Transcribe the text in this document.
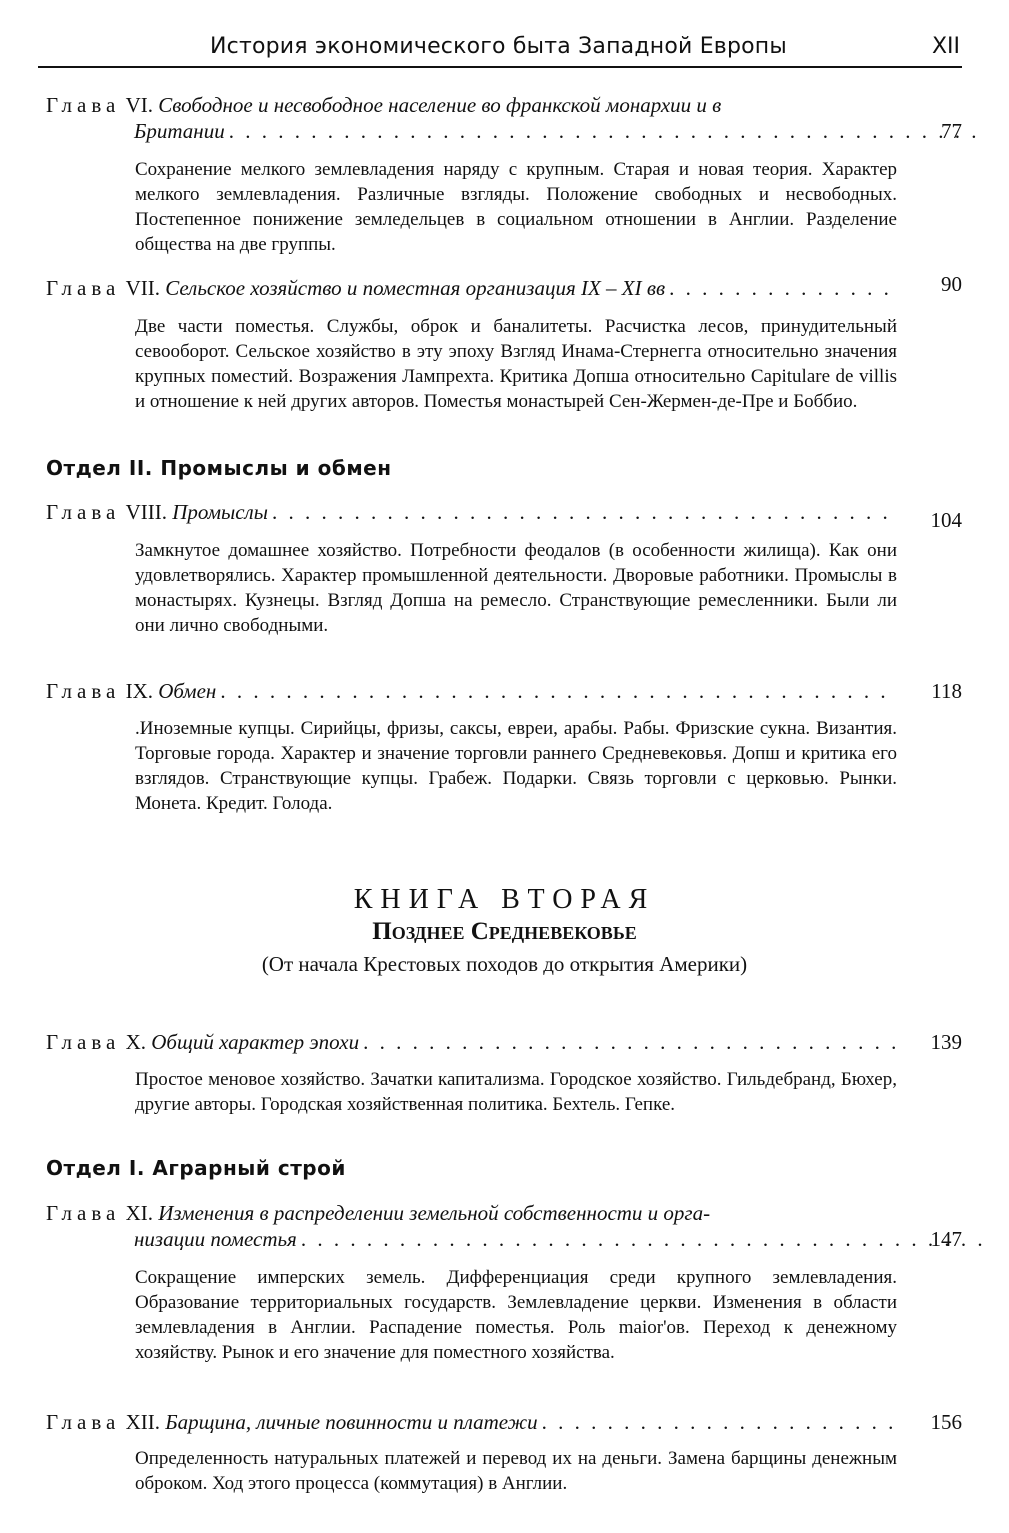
История экономического быта Западной Европы	XII
Глава VI. Свободное и несвободное население во франкской монархии и в
Британии . . .	77
Сохранение мелкого землевладения наряду с крупным. Старая и новая теория. Характер мелкого землевладения. Различные взгляды. Положение свободных и несвободных. Постепенное понижение земледельцев в социальном отношении в Англии. Разделение общества на две группы.
Глава VII. Сельское хозяйство и поместная организация IX – XI вв . . .	90
Две части поместья. Службы, оброк и баналитеты. Расчистка лесов, принудительный севооборот. Сельское хозяйство в эту эпоху Взгляд Инама-Стернегга относительно значения крупных поместий. Возражения Лампрехта. Критика Допша относительно Capitulare de villis и отношение к ней других авторов. Поместья монастырей Сен-Жермен-де-Пре и Боббио.
Отдел II. Промыслы и обмен
Глава VIII. Промыслы . . .	104
Замкнутое домашнее хозяйство. Потребности феодалов (в особенности жилища). Как они удовлетворялись. Характер промышленной деятельности. Дворовые работники. Промыслы в монастырях. Кузнецы. Взгляд Допша на ремесло. Странствующие ремесленники. Были ли они лично свободными.
Глава IX. Обмен . . .	118
.Иноземные купцы. Сирийцы, фризы, саксы, евреи, арабы. Рабы. Фризские сукна. Византия. Торговые города. Характер и значение торговли раннего Средневековья. Допш и критика его взглядов. Странствующие купцы. Грабеж. Подарки. Связь торговли с церковью. Рынки. Монета. Кредит. Голода.
КНИГА ВТОРАЯ
Позднее Средневековье
(От начала Крестовых походов до открытия Америки)
Глава X. Общий характер эпохи . . .	139
Простое меновое хозяйство. Зачатки капитализма. Городское хозяйство. Гильдебранд, Бюхер, другие авторы. Городская хозяйственная политика. Бехтель. Гепке.
Отдел I. Аграрный строй
Глава XI. Изменения в распределении земельной собственности и орга-
низации поместья . . .	147
Сокращение имперских земель. Дифференциация среди крупного землевладения. Образование территориальных государств. Землевладение церкви. Изменения в области землевладения в Англии. Распадение поместья. Роль maior'ов. Переход к денежному хозяйству. Рынок и его значение для поместного хозяйства.
Глава XII. Барщина, личные повинности и платежи . . .	156
Определенность натуральных платежей и перевод их на деньги. Замена барщины денежным оброком. Ход этого процесса (коммутация) в Англии.
